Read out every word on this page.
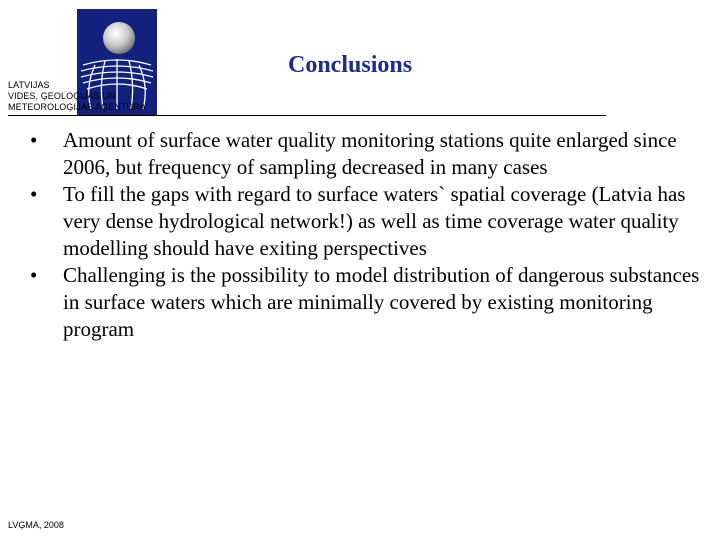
LATVIJAS
VIDES, ĢEOLOĢIJAS UN
METEOROLOĢIJAS AĢENTŪRA
Conclusions
•	Amount of surface water quality monitoring stations quite enlarged since 2006, but frequency of sampling decreased in many cases
•	To fill the gaps with regard to surface waters` spatial coverage (Latvia has very dense hydrological network!) as well as time coverage water quality modelling should have exiting perspectives
•	Challenging is the possibility to model distribution of dangerous substances in surface waters which are minimally covered by existing monitoring program
LVĢMA, 2008
